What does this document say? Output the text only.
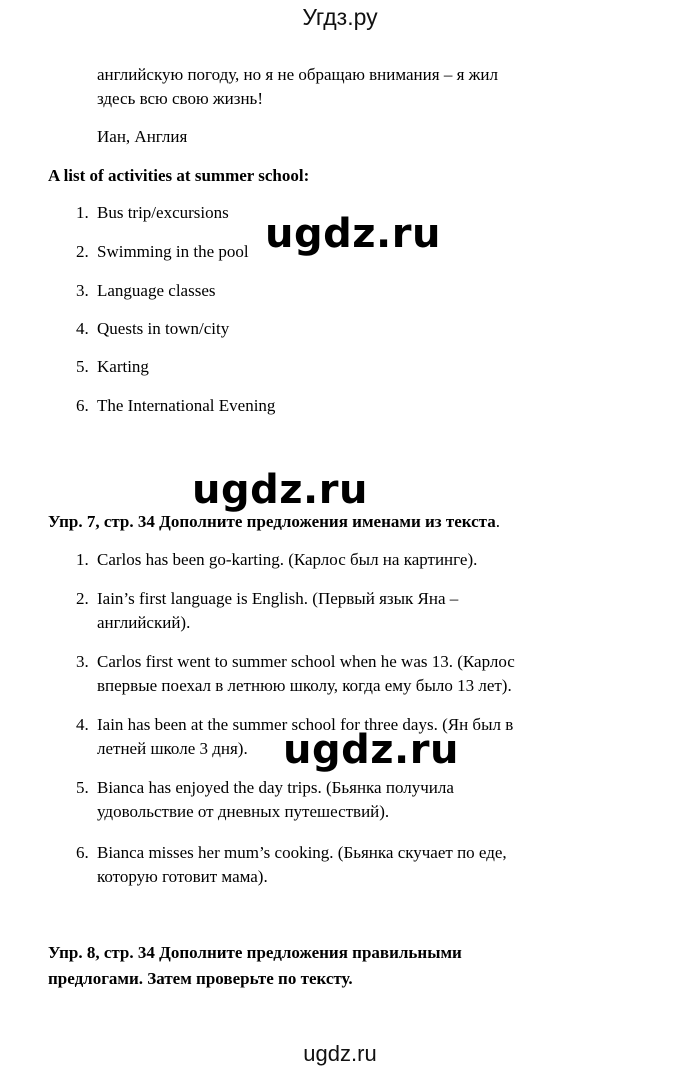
Угдз.ру
английскую погоду, но я не обращаю внимания – я жил
здесь всю свою жизнь!
Иан, Англия
A list of activities at summer school:
1. Bus trip/excursions
2. Swimming in the pool
3. Language classes
4. Quests in town/city
5. Karting
6. The International Evening
Упр. 7, стр. 34 Дополните предложения именами из текста.
1. Carlos has been go-karting. (Карлос был на картинге).
2. Iain’s first language is English. (Первый язык Яна –
английский).
3. Carlos first went to summer school when he was 13. (Карлос
впервые поехал в летнюю школу, когда ему было 13 лет).
4. Iain has been at the summer school for three days. (Ян был в
летней школе 3 дня).
5. Bianca has enjoyed the day trips. (Бьянка получила
удовольствие от дневных путешествий).
6. Bianca misses her mum’s cooking. (Бьянка скучает по еде,
которую готовит мама).
Упр. 8, стр. 34 Дополните предложения правильными
предлогами. Затем проверьте по тексту.
ugdz.ru
ugdz.ru
ugdz.ru
ugdz.ru
